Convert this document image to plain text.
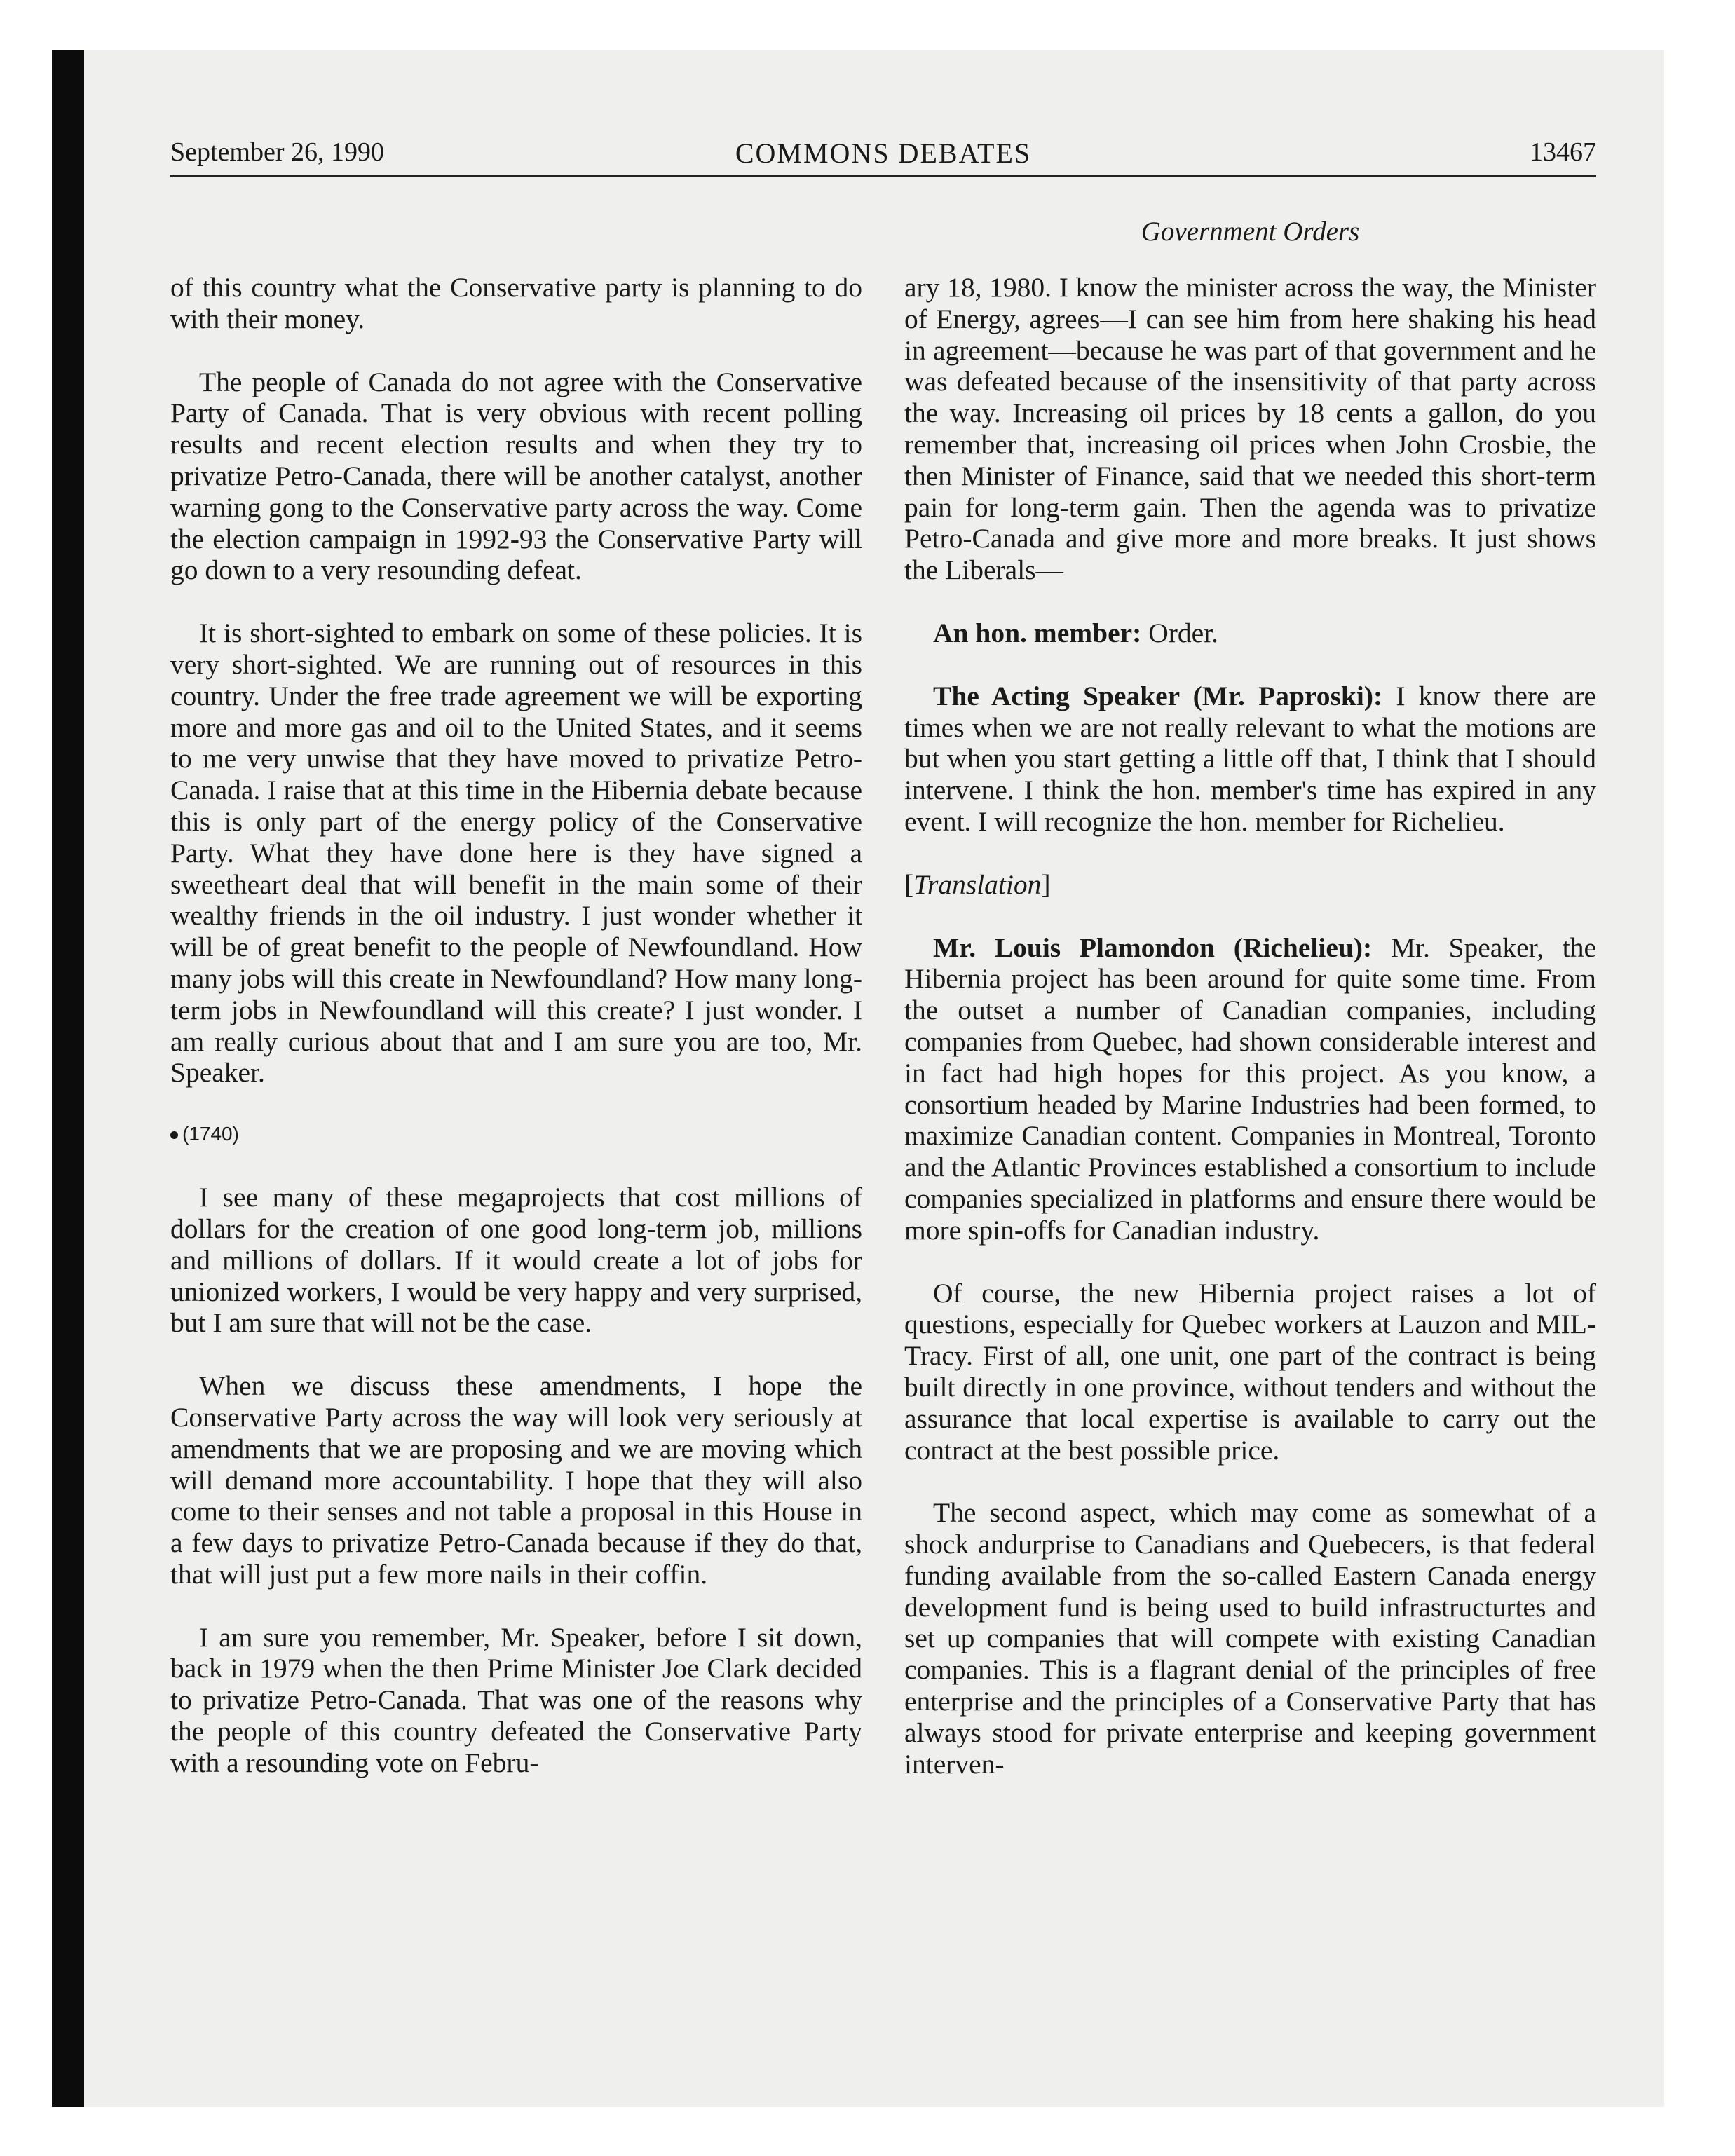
September 26, 1990	COMMONS DEBATES	13467
Government Orders

of this country what the Conservative party is planning to do with their money.

The people of Canada do not agree with the Conservative Party of Canada. That is very obvious with recent polling results and recent election results and when they try to privatize Petro-Canada, there will be another catalyst, another warning gong to the Conservative party across the way. Come the election campaign in 1992-93 the Conservative Party will go down to a very resounding defeat.

It is short-sighted to embark on some of these policies. It is very short-sighted. We are running out of resources in this country. Under the free trade agreement we will be exporting more and more gas and oil to the United States, and it seems to me very unwise that they have moved to privatize Petro-Canada. I raise that at this time in the Hibernia debate because this is only part of the energy policy of the Conservative Party. What they have done here is they have signed a sweetheart deal that will benefit in the main some of their wealthy friends in the oil industry. I just wonder whether it will be of great benefit to the people of Newfoundland. How many jobs will this create in Newfoundland? How many long-term jobs in Newfoundland will this create? I just wonder. I am really curious about that and I am sure you are too, Mr. Speaker.

(1740)

I see many of these megaprojects that cost millions of dollars for the creation of one good long-term job, millions and millions of dollars. If it would create a lot of jobs for unionized workers, I would be very happy and very surprised, but I am sure that will not be the case.

When we discuss these amendments, I hope the Conservative Party across the way will look very seriously at amendments that we are proposing and we are moving which will demand more accountability. I hope that they will also come to their senses and not table a proposal in this House in a few days to privatize Petro-Canada because if they do that, that will just put a few more nails in their coffin.

I am sure you remember, Mr. Speaker, before I sit down, back in 1979 when the then Prime Minister Joe Clark decided to privatize Petro-Canada. That was one of the reasons why the people of this country defeated the Conservative Party with a resounding vote on Febru-

ary 18, 1980. I know the minister across the way, the Minister of Energy, agrees—I can see him from here shaking his head in agreement—because he was part of that government and he was defeated because of the insensitivity of that party across the way. Increasing oil prices by 18 cents a gallon, do you remember that, increasing oil prices when John Crosbie, the then Minister of Finance, said that we needed this short-term pain for long-term gain. Then the agenda was to privatize Petro-Canada and give more and more breaks. It just shows the Liberals—

An hon. member: Order.

The Acting Speaker (Mr. Paproski): I know there are times when we are not really relevant to what the motions are but when you start getting a little off that, I think that I should intervene. I think the hon. member's time has expired in any event. I will recognize the hon. member for Richelieu.

[Translation]

Mr. Louis Plamondon (Richelieu): Mr. Speaker, the Hibernia project has been around for quite some time. From the outset a number of Canadian companies, including companies from Quebec, had shown considerable interest and in fact had high hopes for this project. As you know, a consortium headed by Marine Industries had been formed, to maximize Canadian content. Companies in Montreal, Toronto and the Atlantic Provinces established a consortium to include companies specialized in platforms and ensure there would be more spin-offs for Canadian industry.

Of course, the new Hibernia project raises a lot of questions, especially for Quebec workers at Lauzon and MIL-Tracy. First of all, one unit, one part of the contract is being built directly in one province, without tenders and without the assurance that local expertise is available to carry out the contract at the best possible price.

The second aspect, which may come as somewhat of a shock andurprise to Canadians and Quebecers, is that federal funding available from the so-called Eastern Canada energy development fund is being used to build infrastructurtes and set up companies that will compete with existing Canadian companies. This is a flagrant denial of the principles of free enterprise and the principles of a Conservative Party that has always stood for private enterprise and keeping government interven-
